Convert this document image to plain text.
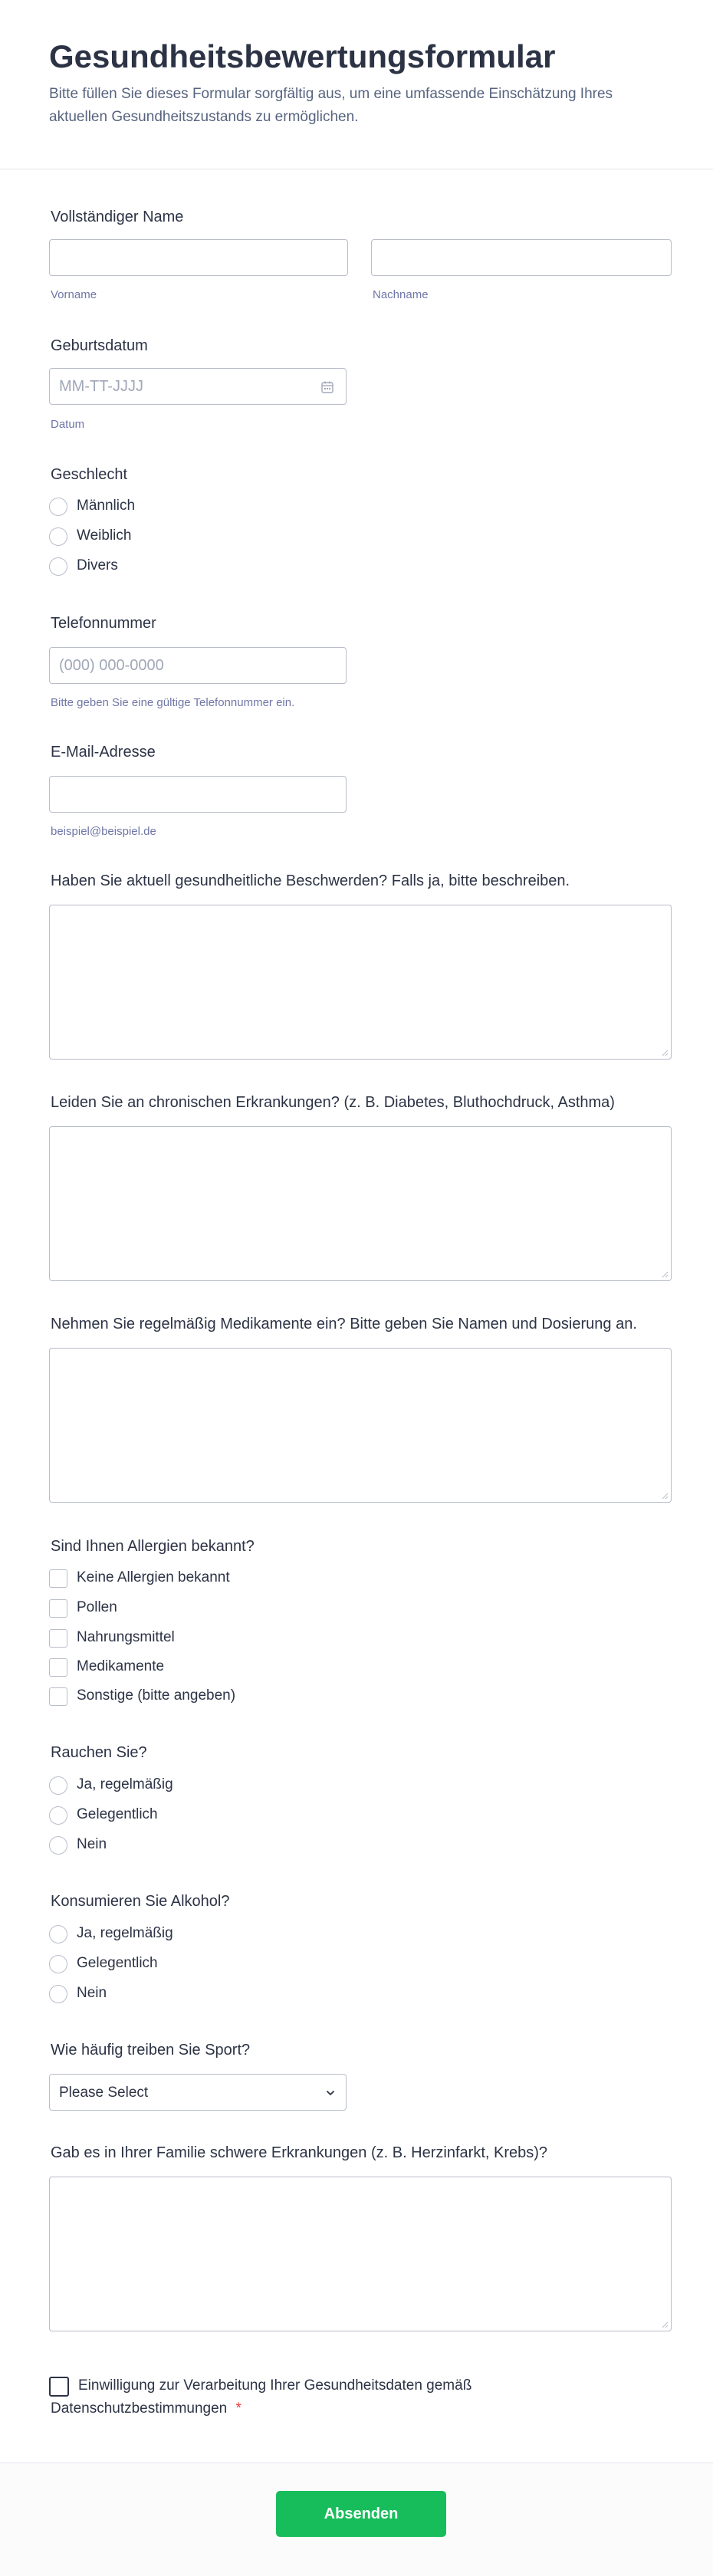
Gesundheitsbewertungsformular
Bitte füllen Sie dieses Formular sorgfältig aus, um eine umfassende Einschätzung Ihres aktuellen Gesundheitszustands zu ermöglichen.
Vollständiger Name
Vorname	Nachname
Geburtsdatum
MM-TT-JJJJ
Datum
Geschlecht
Männlich
Weiblich
Divers
Telefonnummer
(000) 000-0000
Bitte geben Sie eine gültige Telefonnummer ein.
E-Mail-Adresse
beispiel@beispiel.de
Haben Sie aktuell gesundheitliche Beschwerden? Falls ja, bitte beschreiben.
Leiden Sie an chronischen Erkrankungen? (z. B. Diabetes, Bluthochdruck, Asthma)
Nehmen Sie regelmäßig Medikamente ein? Bitte geben Sie Namen und Dosierung an.
Sind Ihnen Allergien bekannt?
Keine Allergien bekannt
Pollen
Nahrungsmittel
Medikamente
Sonstige (bitte angeben)
Rauchen Sie?
Ja, regelmäßig
Gelegentlich
Nein
Konsumieren Sie Alkohol?
Ja, regelmäßig
Gelegentlich
Nein
Wie häufig treiben Sie Sport?
Please Select
Gab es in Ihrer Familie schwere Erkrankungen (z. B. Herzinfarkt, Krebs)?
Einwilligung zur Verarbeitung Ihrer Gesundheitsdaten gemäß
Datenschutzbestimmungen *
Absenden
